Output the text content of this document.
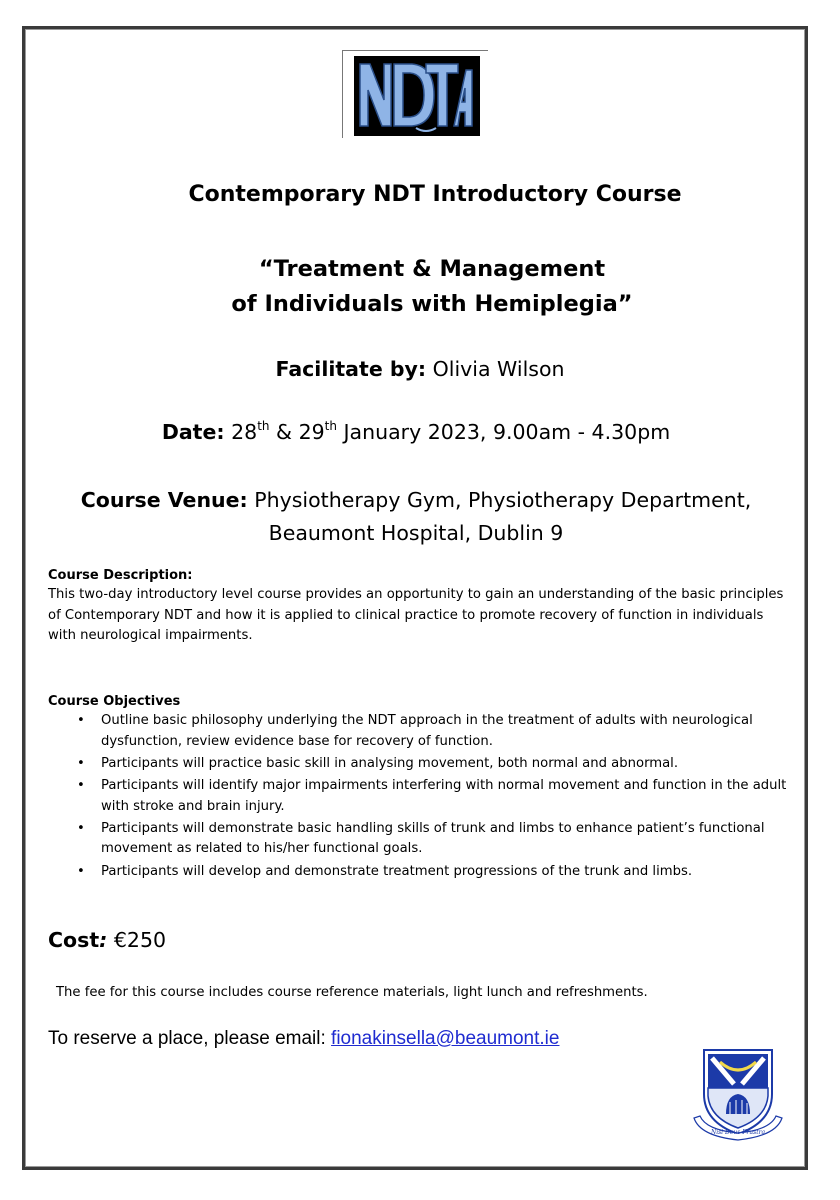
Contemporary NDT Introductory Course
“Treatment & Management
of Individuals with Hemiplegia”
Facilitate by: Olivia Wilson
Date: 28th & 29th January 2023, 9.00am - 4.30pm
Course Venue: Physiotherapy Gym, Physiotherapy Department,
Beaumont Hospital, Dublin 9
Course Description:
This two-day introductory level course provides an opportunity to gain an understanding of the basic principles of Contemporary NDT and how it is applied to clinical practice to promote recovery of function in individuals with neurological impairments.
Course Objectives
• Outline basic philosophy underlying the NDT approach in the treatment of adults with neurological dysfunction, review evidence base for recovery of function.
• Participants will practice basic skill in analysing movement, both normal and abnormal.
• Participants will identify major impairments interfering with normal movement and function in the adult with stroke and brain injury.
• Participants will demonstrate basic handling skills of trunk and limbs to enhance patient’s functional movement as related to his/her functional goals.
• Participants will develop and demonstrate treatment progressions of the trunk and limbs.
Cost: €250
The fee for this course includes course reference materials, light lunch and refreshments.
To reserve a place, please email: fionakinsella@beaumont.ie
Nisi Deus Frustra
